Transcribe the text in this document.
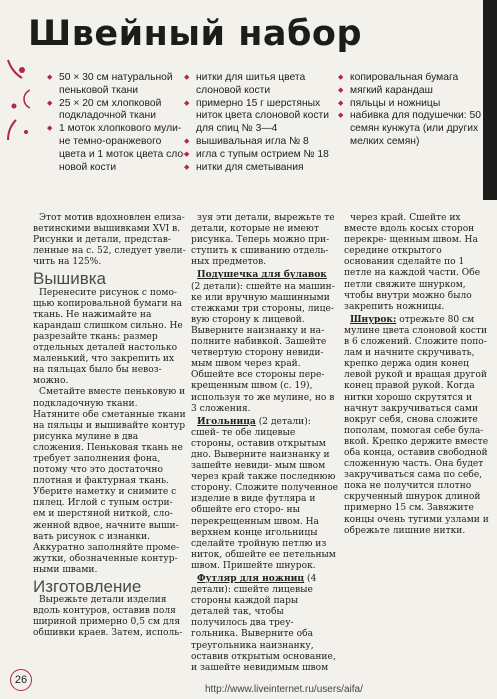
Швейный набор
◆ 50 × 30 см натуральной пеньковой ткани
◆ 25 × 20 см хлопковой подкладочной ткани
◆ 1 моток хлопкового мули- не темно-оранжевого цвета и 1 моток цвета сло- новой кости
◆ нитки для шитья цвета слоновой кости
◆ примерно 15 г шерстяных ниток цвета слоновой кости для спиц № 3—4
◆ вышивальная игла № 8
◆ игла с тупым острием № 18
◆ нитки для сметывания
◆ копировальная бумага
◆ мягкий карандаш
◆ пяльцы и ножницы
◆ набивка для подушечки: 50 г семян кунжута (или других мелких семян)

Этот мотив вдохновлен елиза- ветинскими вышивками XVI в. Рисунки и детали, представ- ленные на с. 52, следует увели- чить на 125%.

Вышивка

Перенесите рисунок с помо- щью копировальной бумаги на ткань. Не нажимайте на карандаш слишком сильно. Не разрезайте ткань: размер отдельных деталей настолько маленький, что закрепить их на пяльцах было бы невоз- можно.

Сметайте вместе пеньковую и подкладочную ткани. Натяните обе сметанные ткани на пяльцы и вышивайте контур рисунка мулине в два сложения. Пеньковая ткань не требует заполнения фона, потому что это достаточно плотная и фактурная ткань. Уберите наметку и снимите с пялец. Иглой с тупым остри- ем и шерстяной ниткой, сло- женной вдвое, начните выши- вать рисунок с изнанки. Аккуратно заполняйте проме- жутки, обозначенные контур- ными швами.

Изготовление

Вырежьте детали изделия вдоль контуров, оставив поля шириной примерно 0,5 см для обшивки краев. Затем, исполь-

зуя эти детали, вырежьте те детали, которые не имеют рисунка. Теперь можно при- ступить к сшиванию отдель- ных предметов.

Подушечка для булавок (2 детали): сшейте на машин- ке или вручную машинными стежками три стороны, лице- вую сторону к лицевой. Выверните наизнанку и на- полните набивкой. Зашейте четвертую сторону невиди- мым швом через край. Обшейте все стороны пере- крещенным швом (с. 19), используя то же мулине, но в 3 сложения.

Игольница (2 детали): сшей- те обе лицевые стороны, оставив открытым дно. Выверните наизнанку и зашейте невиди- мым швом через край также последнюю сторону. Сложите полученное изделие в виде футляра и обшейте его сторо- ны перекрещенным швом. На верхнем конце игольницы сделайте тройную петлю из ниток, обшейте ее петельным швом. Пришейте шнурок.

Футляр для ножниц (4 детали): сшейте лицевые стороны каждой пары деталей так, чтобы получилось два треу- гольника. Выверните оба треугольника наизнанку, оставив открытым основание, и зашейте невидимым швом

через край. Сшейте их вместе вдоль косых сторон перекре- щенным швом. На середине открытого основания сделайте по 1 петле на каждой части. Обе петли свяжите шнурком, чтобы внутри можно было закрепить ножницы.

Шнурок: отрежьте 80 см мулине цвета слоновой кости в 6 сложений. Сложите попо- лам и начните скручивать, крепко держа один конец левой рукой и вращая другой конец правой рукой. Когда нитки хорошо скрутятся и начнут закручиваться сами вокруг себя, снова сложите пополам, помогая себе була- вкой. Крепко держите вместе оба конца, оставив свободной сложенную часть. Она будет закручиваться сама по себе, пока не получится плотно скрученный шнурок длиной примерно 15 см. Завяжите концы очень тугими узлами и обрежьте лишние нитки.

26
http://www.liveinternet.ru/users/aifa/
